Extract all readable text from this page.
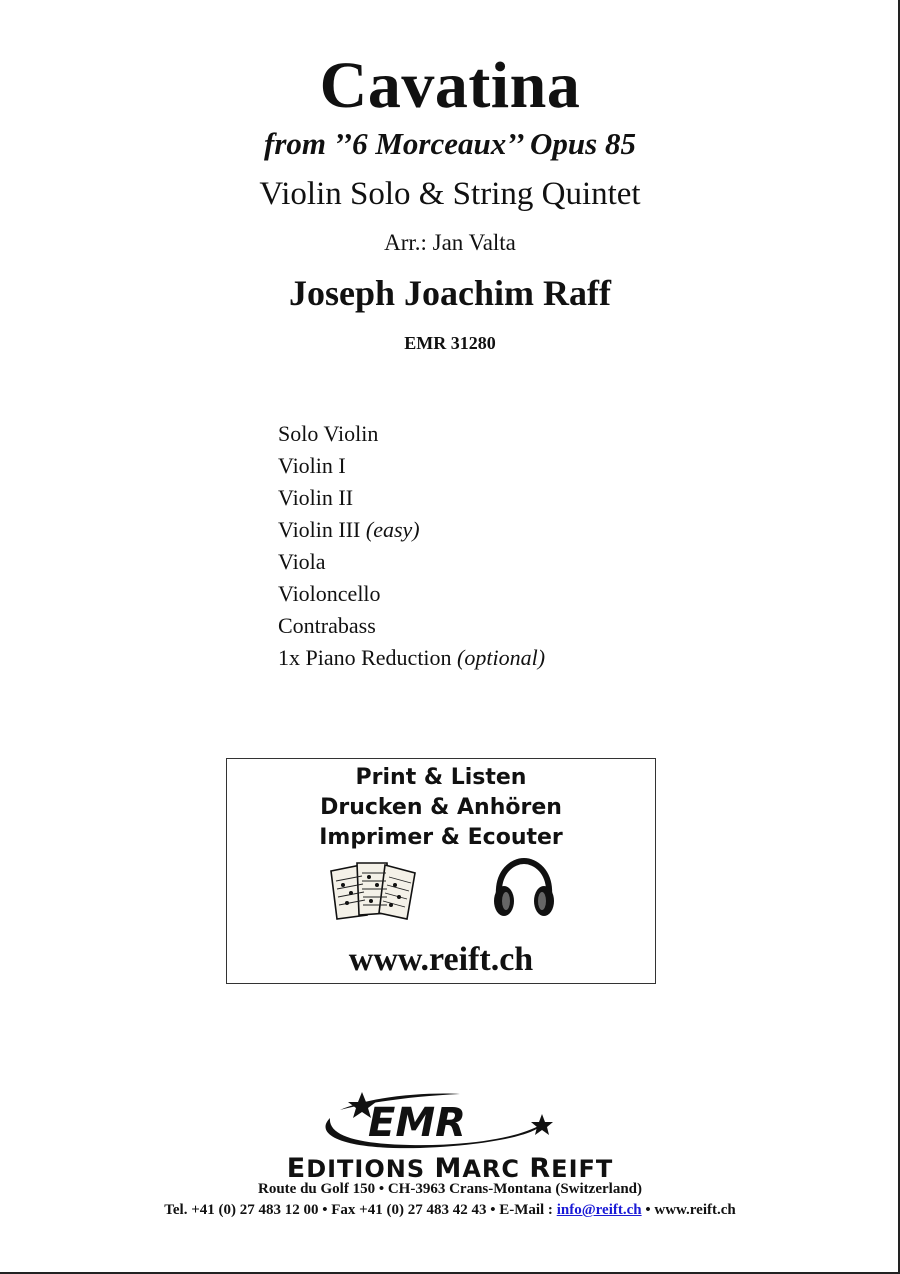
Cavatina
from ’’6 Morceaux’’ Opus 85
Violin Solo & String Quintet
Arr.: Jan Valta
Joseph Joachim Raff
EMR 31280
Solo Violin
Violin I
Violin II
Violin III (easy)
Viola
Violoncello
Contrabass
1x Piano Reduction (optional)
Print & Listen
Drucken & Anhören
Imprimer & Ecouter
www.reift.ch
EMR
EDITIONS MARC REIFT
Route du Golf 150 • CH-3963 Crans-Montana (Switzerland)
Tel. +41 (0) 27 483 12 00 • Fax +41 (0) 27 483 42 43 • E-Mail : info@reift.ch • www.reift.ch
